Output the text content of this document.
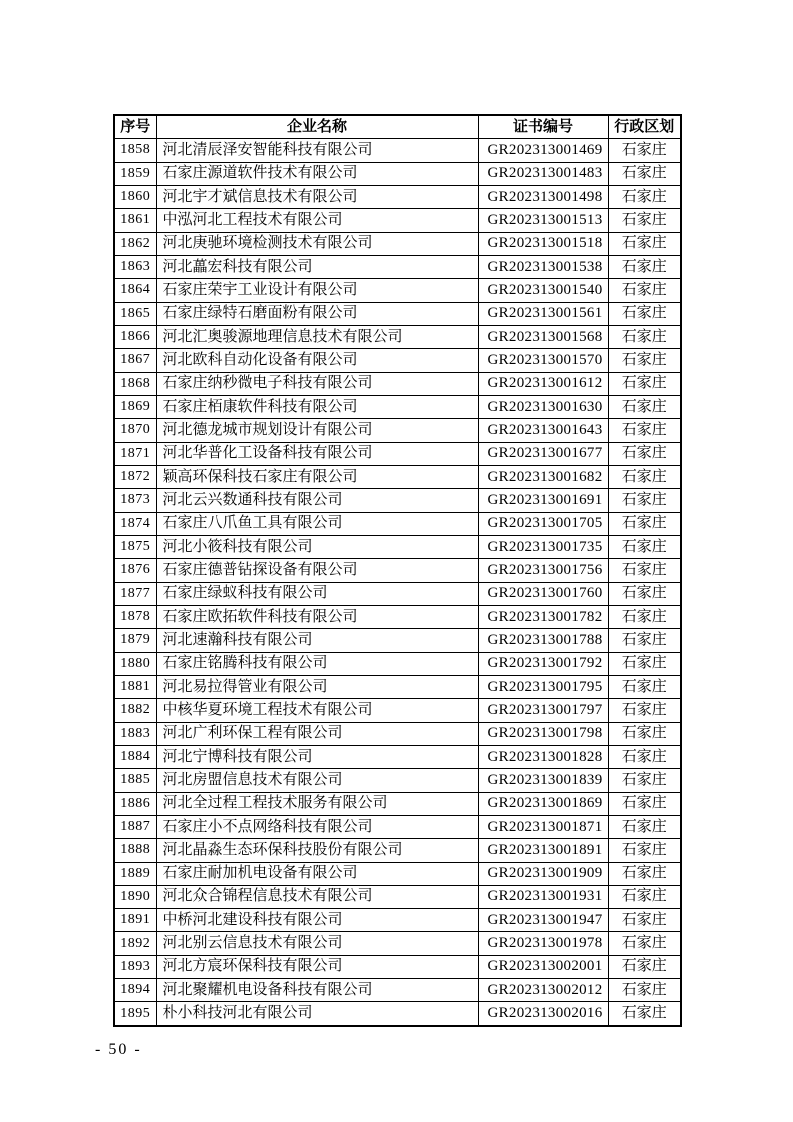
序号	企业名称	证书编号	行政区划
1858	河北清辰泽安智能科技有限公司	GR202313001469	石家庄
1859	石家庄源道软件技术有限公司	GR202313001483	石家庄
1860	河北宇才斌信息技术有限公司	GR202313001498	石家庄
1861	中泓河北工程技术有限公司	GR202313001513	石家庄
1862	河北庚驰环境检测技术有限公司	GR202313001518	石家庄
1863	河北藟宏科技有限公司	GR202313001538	石家庄
1864	石家庄荣宇工业设计有限公司	GR202313001540	石家庄
1865	石家庄绿特石磨面粉有限公司	GR202313001561	石家庄
1866	河北汇奥骏源地理信息技术有限公司	GR202313001568	石家庄
1867	河北欧科自动化设备有限公司	GR202313001570	石家庄
1868	石家庄纳秒微电子科技有限公司	GR202313001612	石家庄
1869	石家庄栢康软件科技有限公司	GR202313001630	石家庄
1870	河北德龙城市规划设计有限公司	GR202313001643	石家庄
1871	河北华普化工设备科技有限公司	GR202313001677	石家庄
1872	颖高环保科技石家庄有限公司	GR202313001682	石家庄
1873	河北云兴数通科技有限公司	GR202313001691	石家庄
1874	石家庄八爪鱼工具有限公司	GR202313001705	石家庄
1875	河北小筱科技有限公司	GR202313001735	石家庄
1876	石家庄德普钻探设备有限公司	GR202313001756	石家庄
1877	石家庄绿蚁科技有限公司	GR202313001760	石家庄
1878	石家庄欧拓软件科技有限公司	GR202313001782	石家庄
1879	河北速瀚科技有限公司	GR202313001788	石家庄
1880	石家庄铭腾科技有限公司	GR202313001792	石家庄
1881	河北易拉得管业有限公司	GR202313001795	石家庄
1882	中核华夏环境工程技术有限公司	GR202313001797	石家庄
1883	河北广利环保工程有限公司	GR202313001798	石家庄
1884	河北宁博科技有限公司	GR202313001828	石家庄
1885	河北房盟信息技术有限公司	GR202313001839	石家庄
1886	河北全过程工程技术服务有限公司	GR202313001869	石家庄
1887	石家庄小不点网络科技有限公司	GR202313001871	石家庄
1888	河北晶淼生态环保科技股份有限公司	GR202313001891	石家庄
1889	石家庄耐加机电设备有限公司	GR202313001909	石家庄
1890	河北众合锦程信息技术有限公司	GR202313001931	石家庄
1891	中桥河北建设科技有限公司	GR202313001947	石家庄
1892	河北别云信息技术有限公司	GR202313001978	石家庄
1893	河北方宸环保科技有限公司	GR202313002001	石家庄
1894	河北聚耀机电设备科技有限公司	GR202313002012	石家庄
1895	朴小科技河北有限公司	GR202313002016	石家庄
- 50 -
